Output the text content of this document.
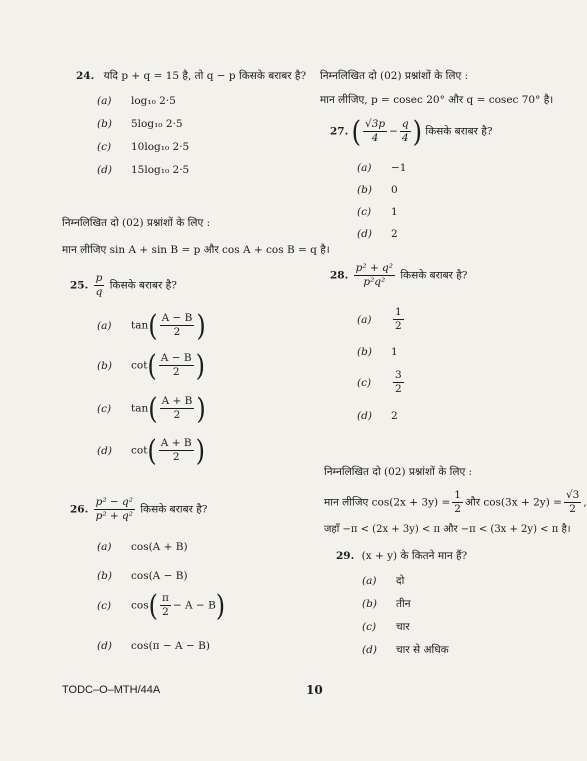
24. यदि p + q = 15 है, तो q − p किसके बराबर है?
(a) log₁₀ 2·5
(b) 5log₁₀ 2·5
(c) 10log₁₀ 2·5
(d) 15log₁₀ 2·5
निम्नलिखित दो (02) प्रश्नांशों के लिए :
मान लीजिए sin A + sin B = p और cos A + cos B = q है।
25. $\frac{p}{q}$ किसके बराबर है?
(a) $\tan( \frac{A - B}{2}$ )
(b) $\cot( \frac{A - B}{2}$ )
(c) $\tan( \frac{A + B}{2}$ )
(d) $\cot( \frac{A + B}{2}$ )
26. $\frac{\text{p² − q²}}{\text{p² + q²}}$ किसके बराबर है?
(a) cos(A + B)
(b) cos(A − B)
(c) $\cos( \frac{\pi}{2} - A - B)$
(d) cos(π − A − B)
निम्नलिखित दो (02) प्रश्नांशों के लिए :
मान लीजिए, p = cosec 20° और q = cosec 70° है।
27. ( $\frac{√3p}{4} - \frac{q}{4}$ ) किसके बराबर है?
(a) −1
(b) 0
(c) 1
(d) 2
28. $\frac{\text{p² + q²}}{\text{p²q²}}$ किसके बराबर है?
$(a) \frac{1}{2}$
(b) 1
$(c) \frac{3}{2}$
(d) 2
निम्नलिखित दो (02) प्रश्नांशों के लिए :
मान लीजिए $\cos(2x + 3y) = \frac{1}{2}$ और $\cos(3x + 2y) = \frac{√3}{2}$ ,
जहाँ −π < (2x + 3y) < π और −π < (3x + 2y) < π है।
29. (x + y) के कितने मान हैं?
(a) दो
(b) तीन
(c) चार
(d) चार से अधिक
TODC–O–MTH/44A	10
